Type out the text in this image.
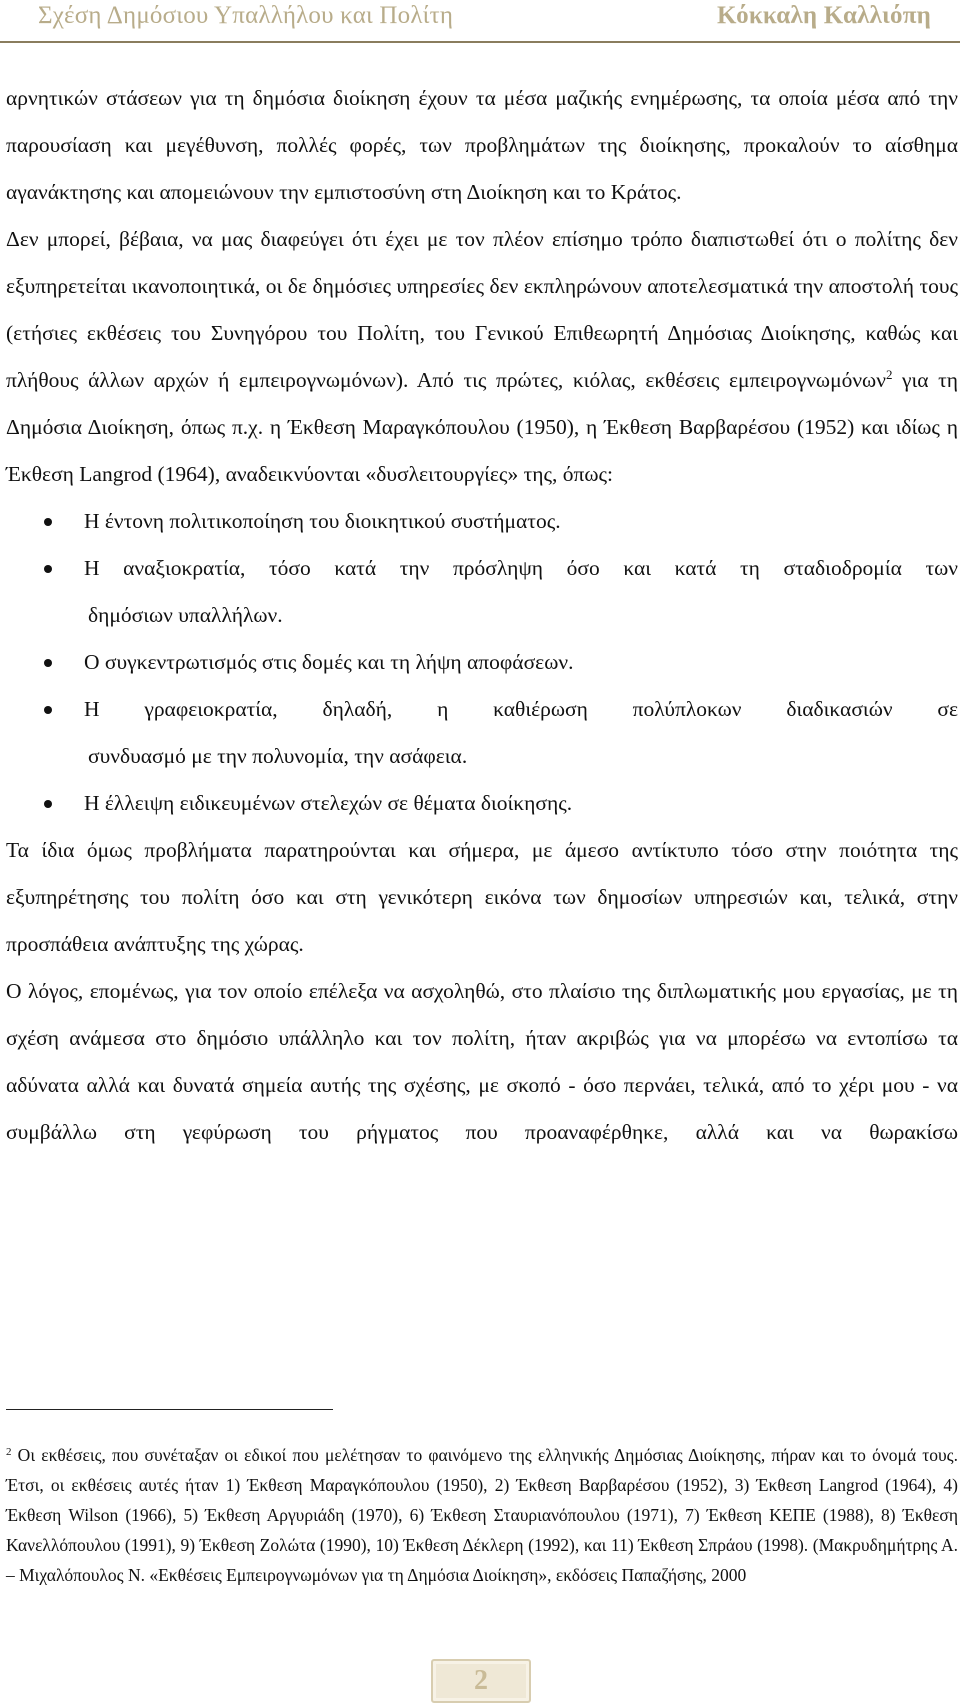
Σχέση Δημόσιου Υπαλλήλου και Πολίτη	Κόκκαλη Καλλιόπη

αρνητικών στάσεων για τη δημόσια διοίκηση έχουν τα μέσα μαζικής ενημέρωσης, τα οποία μέσα από την παρουσίαση και μεγέθυνση, πολλές φορές, των προβλημάτων της διοίκησης, προκαλούν το αίσθημα αγανάκτησης και απομειώνουν την εμπιστοσύνη στη Διοίκηση και το Κράτος.

Δεν μπορεί, βέβαια, να μας διαφεύγει ότι έχει με τον πλέον επίσημο τρόπο διαπιστωθεί ότι ο πολίτης δεν εξυπηρετείται ικανοποιητικά, οι δε δημόσιες υπηρεσίες δεν εκπληρώνουν αποτελεσματικά την αποστολή τους (ετήσιες εκθέσεις του Συνηγόρου του Πολίτη, του Γενικού Επιθεωρητή Δημόσιας Διοίκησης, καθώς και πλήθους άλλων αρχών ή εμπειρογνωμόνων). Από τις πρώτες, κιόλας, εκθέσεις εμπειρογνωμόνων$^2$ για τη Δημόσια Διοίκηση, όπως π.χ. η Έκθεση Μαραγκόπουλου (1950), η Έκθεση Βαρβαρέσου (1952) και ιδίως η Έκθεση Langrod (1964), αναδεικνύονται «δυσλειτουργίες» της, όπως:

Η έντονη πολιτικοποίηση του διοικητικού συστήματος.
Η αναξιοκρατία, τόσο κατά την πρόσληψη όσο και κατά τη σταδιοδρομία των
δημόσιων υπαλλήλων.
Ο συγκεντρωτισμός στις δομές και τη λήψη αποφάσεων.
Η γραφειοκρατία, δηλαδή, η καθιέρωση πολύπλοκων διαδικασιών σε
συνδυασμό με την πολυνομία, την ασάφεια.
Η έλλειψη ειδικευμένων στελεχών σε θέματα διοίκησης.

Τα ίδια όμως προβλήματα παρατηρούνται και σήμερα, με άμεσο αντίκτυπο τόσο στην ποιότητα της εξυπηρέτησης του πολίτη όσο και στη γενικότερη εικόνα των δημοσίων υπηρεσιών και, τελικά, στην προσπάθεια ανάπτυξης της χώρας.

Ο λόγος, επομένως, για τον οποίο επέλεξα να ασχοληθώ, στο πλαίσιο της διπλωματικής μου εργασίας, με τη σχέση ανάμεσα στο δημόσιο υπάλληλο και τον πολίτη, ήταν ακριβώς για να μπορέσω να εντοπίσω τα αδύνατα αλλά και δυνατά σημεία αυτής της σχέσης, με σκοπό - όσο περνάει, τελικά, από το χέρι μου - να συμβάλλω στη γεφύρωση του ρήγματος που προαναφέρθηκε, αλλά και να θωρακίσω

$^2$ Οι εκθέσεις, που συνέταξαν οι εδικοί που μελέτησαν το φαινόμενο της ελληνικής Δημόσιας Διοίκησης, πήραν και το όνομά τους. Έτσι, οι εκθέσεις αυτές ήταν 1) Έκθεση Μαραγκόπουλου (1950), 2) Έκθεση Βαρβαρέσου (1952), 3) Έκθεση Langrod (1964), 4) Έκθεση Wilson (1966), 5) Έκθεση Αργυριάδη (1970), 6) Έκθεση Σταυριανόπουλου (1971), 7) Έκθεση ΚΕΠΕ (1988), 8) Έκθεση Κανελλόπουλου (1991), 9) Έκθεση Ζολώτα (1990), 10) Έκθεση Δέκλερη (1992), και 11) Έκθεση Σπράου (1998). (Μακρυδημήτρης Α. – Μιχαλόπουλος Ν. «Εκθέσεις Εμπειρογνωμόνων για τη Δημόσια Διοίκηση», εκδόσεις Παπαζήσης, 2000
2
